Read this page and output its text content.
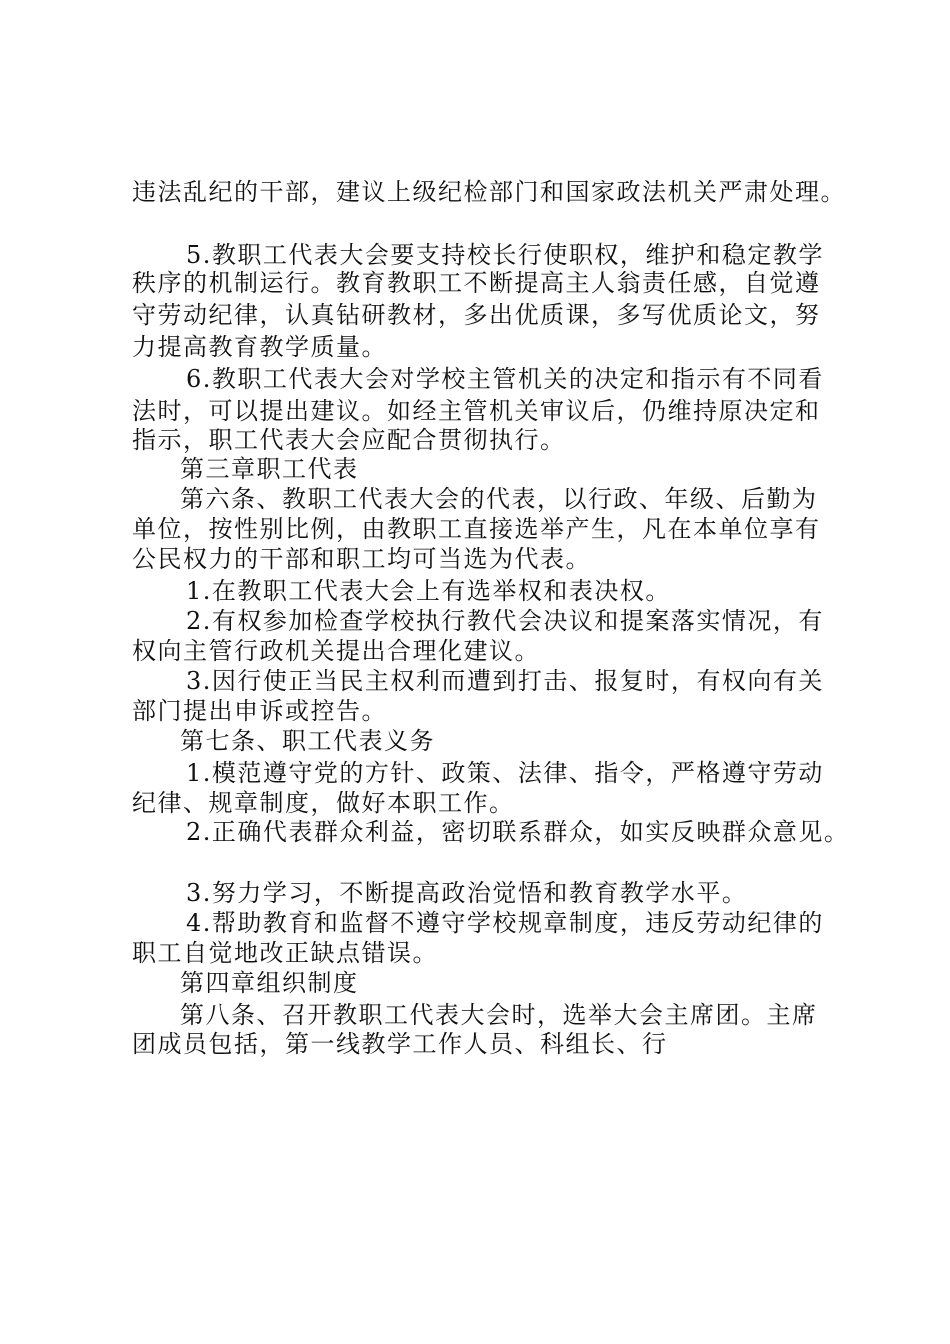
违法乱纪的干部，建议上级纪检部门和国家政法机关严肃处理。
5.教职工代表大会要支持校长行使职权，维护和稳定教学
秩序的机制运行。教育教职工不断提高主人翁责任感，自觉遵
守劳动纪律，认真钻研教材，多出优质课，多写优质论文，努
力提高教育教学质量。
6.教职工代表大会对学校主管机关的决定和指示有不同看
法时，可以提出建议。如经主管机关审议后，仍维持原决定和
指示，职工代表大会应配合贯彻执行。
第三章职工代表
第六条、教职工代表大会的代表，以行政、年级、后勤为
单位，按性别比例，由教职工直接选举产生，凡在本单位享有
公民权力的干部和职工均可当选为代表。
1.在教职工代表大会上有选举权和表决权。
2.有权参加检查学校执行教代会决议和提案落实情况，有
权向主管行政机关提出合理化建议。
3.因行使正当民主权利而遭到打击、报复时，有权向有关
部门提出申诉或控告。
第七条、职工代表义务
1.模范遵守党的方针、政策、法律、指令，严格遵守劳动
纪律、规章制度，做好本职工作。
2.正确代表群众利益，密切联系群众，如实反映群众意见。
3.努力学习，不断提高政治觉悟和教育教学水平。
4.帮助教育和监督不遵守学校规章制度，违反劳动纪律的
职工自觉地改正缺点错误。
第四章组织制度
第八条、召开教职工代表大会时，选举大会主席团。主席
团成员包括，第一线教学工作人员、科组长、行
